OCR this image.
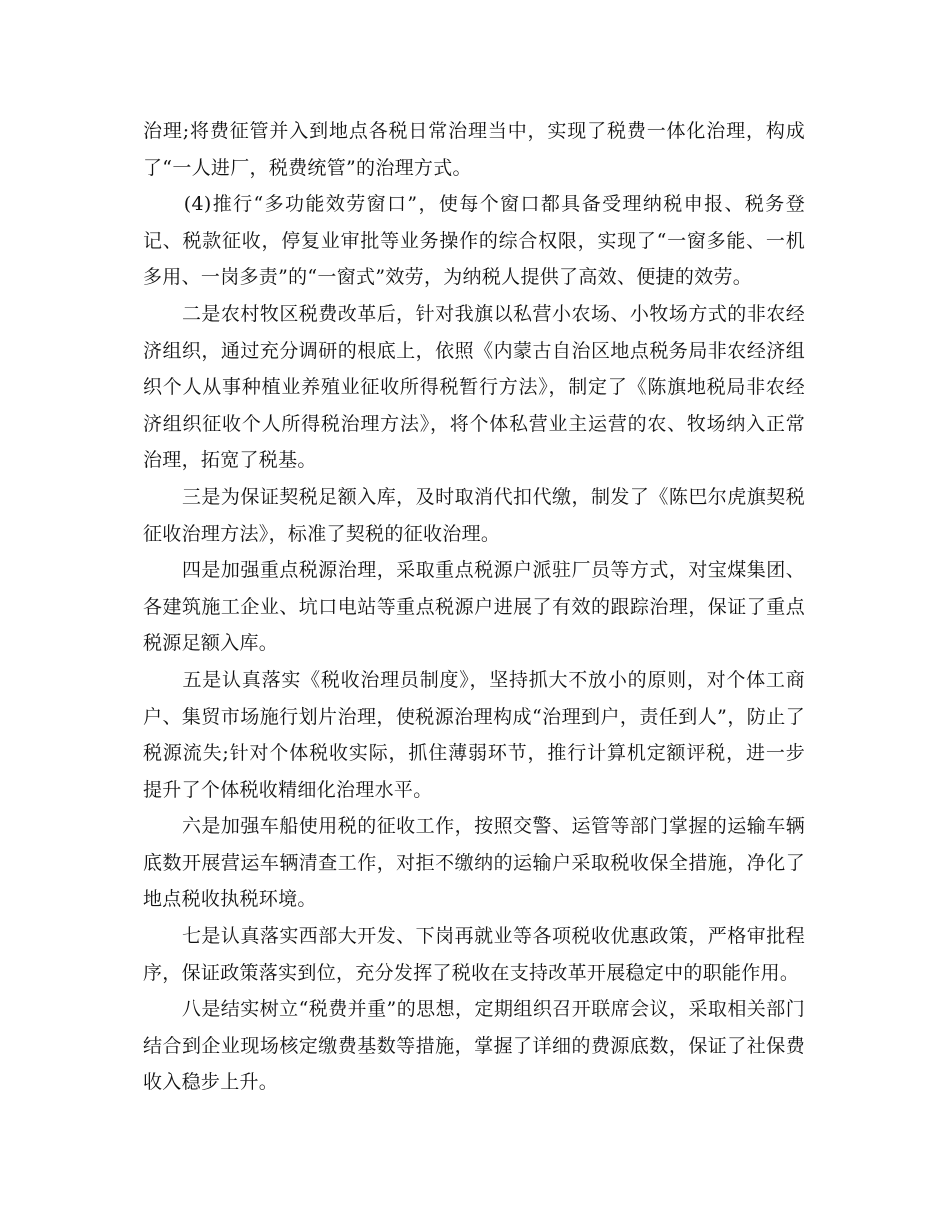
治理;将费征管并入到地点各税日常治理当中，实现了税费一体化治理，构成了“一人进厂，税费统管”的治理方式。

　　(4)推行“多功能效劳窗口”，使每个窗口都具备受理纳税申报、税务登记、税款征收，停复业审批等业务操作的综合权限，实现了“一窗多能、一机多用、一岗多责”的“一窗式”效劳，为纳税人提供了高效、便捷的效劳。

　　二是农村牧区税费改革后，针对我旗以私营小农场、小牧场方式的非农经济组织，通过充分调研的根底上，依照《内蒙古自治区地点税务局非农经济组织个人从事种植业养殖业征收所得税暂行方法》，制定了《陈旗地税局非农经济组织征收个人所得税治理方法》，将个体私营业主运营的农、牧场纳入正常治理，拓宽了税基。

　　三是为保证契税足额入库，及时取消代扣代缴，制发了《陈巴尔虎旗契税征收治理方法》，标准了契税的征收治理。

　　四是加强重点税源治理，采取重点税源户派驻厂员等方式，对宝煤集团、各建筑施工企业、坑口电站等重点税源户进展了有效的跟踪治理，保证了重点税源足额入库。

　　五是认真落实《税收治理员制度》，坚持抓大不放小的原则，对个体工商户、集贸市场施行划片治理，使税源治理构成“治理到户，责任到人”，防止了税源流失;针对个体税收实际，抓住薄弱环节，推行计算机定额评税，进一步提升了个体税收精细化治理水平。

　　六是加强车船使用税的征收工作，按照交警、运管等部门掌握的运输车辆底数开展营运车辆清查工作，对拒不缴纳的运输户采取税收保全措施，净化了地点税收执税环境。

　　七是认真落实西部大开发、下岗再就业等各项税收优惠政策，严格审批程序，保证政策落实到位，充分发挥了税收在支持改革开展稳定中的职能作用。

　　八是结实树立“税费并重”的思想，定期组织召开联席会议，采取相关部门结合到企业现场核定缴费基数等措施，掌握了详细的费源底数，保证了社保费收入稳步上升。
